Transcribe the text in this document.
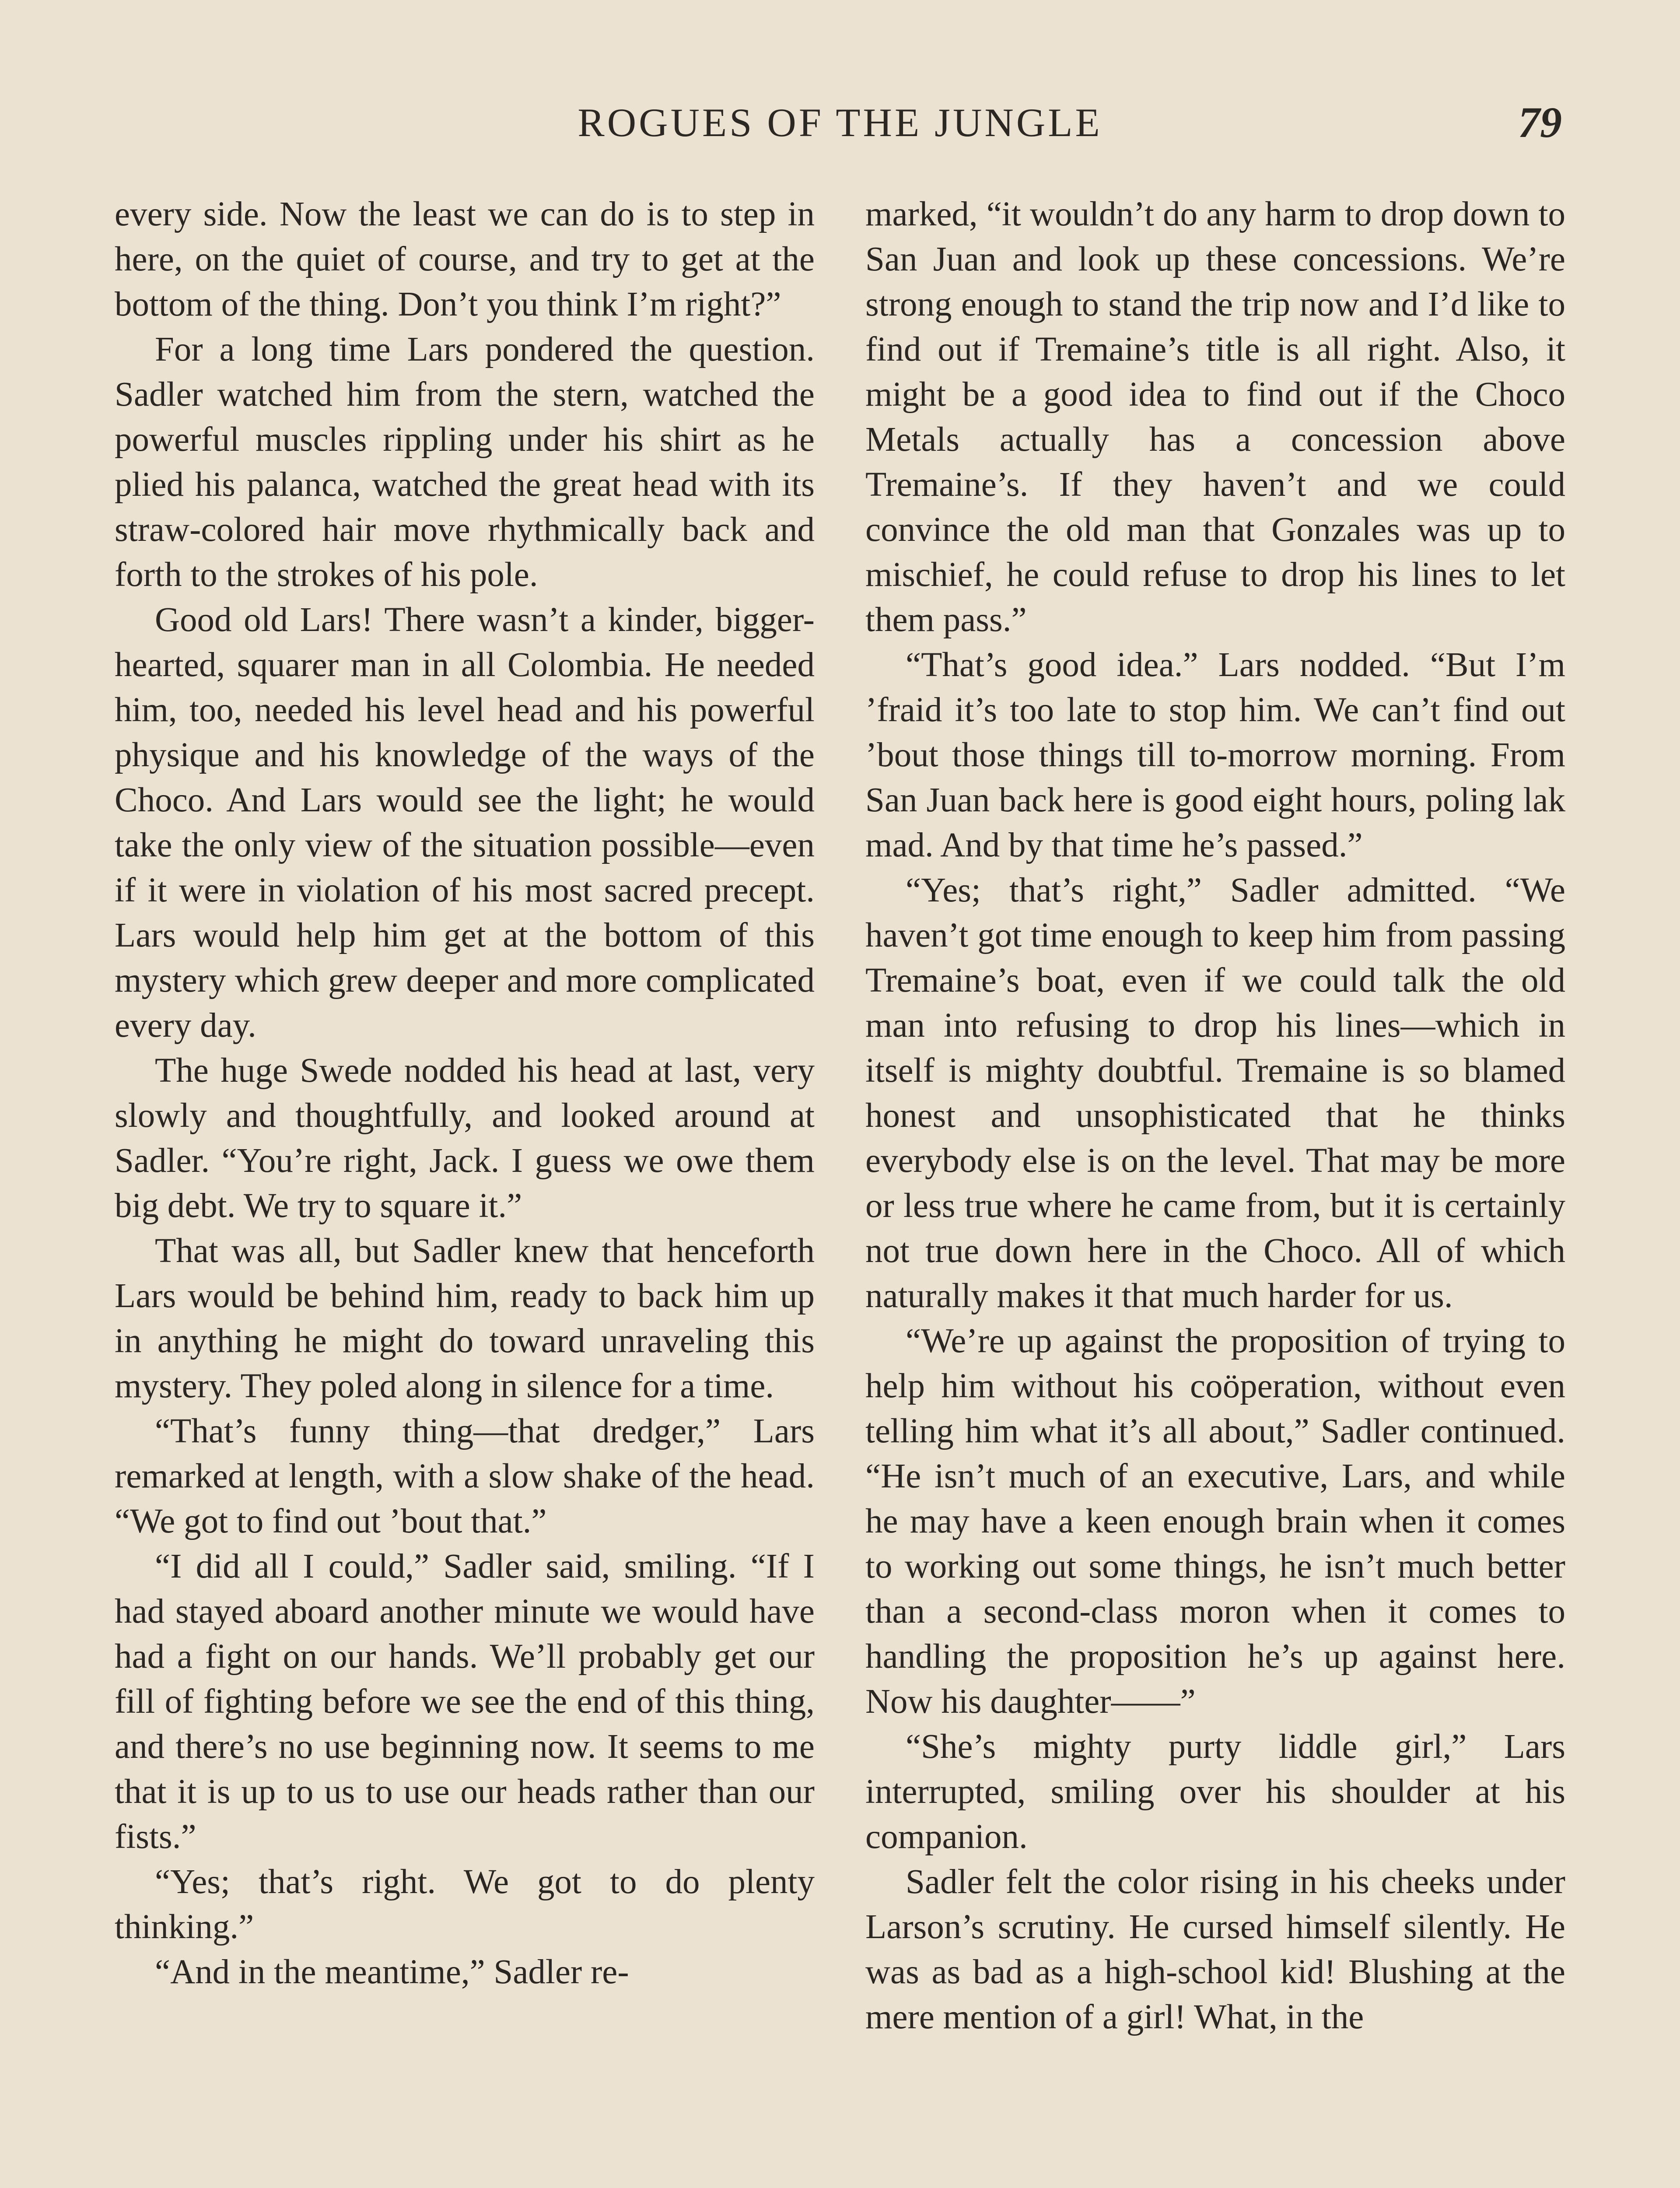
ROGUES OF THE JUNGLE	79

every side. Now the least we can do is to step in here, on the quiet of course, and try to get at the bottom of the thing. Don’t you think I’m right?”

For a long time Lars pondered the question. Sadler watched him from the stern, watched the powerful muscles rippling under his shirt as he plied his palanca, watched the great head with its straw-colored hair move rhythmically back and forth to the strokes of his pole.

Good old Lars! There wasn’t a kinder, bigger-hearted, squarer man in all Colombia. He needed him, too, needed his level head and his powerful physique and his knowledge of the ways of the Choco. And Lars would see the light; he would take the only view of the situation possible—even if it were in violation of his most sacred precept. Lars would help him get at the bottom of this mystery which grew deeper and more complicated every day.

The huge Swede nodded his head at last, very slowly and thoughtfully, and looked around at Sadler. “You’re right, Jack. I guess we owe them big debt. We try to square it.”

That was all, but Sadler knew that henceforth Lars would be behind him, ready to back him up in anything he might do toward unraveling this mystery. They poled along in silence for a time.

“That’s funny thing—that dredger,” Lars remarked at length, with a slow shake of the head. “We got to find out ’bout that.”

“I did all I could,” Sadler said, smiling. “If I had stayed aboard another minute we would have had a fight on our hands. We’ll probably get our fill of fighting before we see the end of this thing, and there’s no use beginning now. It seems to me that it is up to us to use our heads rather than our fists.”

“Yes; that’s right. We got to do plenty thinking.”

“And in the meantime,” Sadler re-

marked, “it wouldn’t do any harm to drop down to San Juan and look up these concessions. We’re strong enough to stand the trip now and I’d like to find out if Tremaine’s title is all right. Also, it might be a good idea to find out if the Choco Metals actually has a concession above Tremaine’s. If they haven’t and we could convince the old man that Gonzales was up to mischief, he could refuse to drop his lines to let them pass.”

“That’s good idea.” Lars nodded. “But I’m ’fraid it’s too late to stop him. We can’t find out ’bout those things till to-morrow morning. From San Juan back here is good eight hours, poling lak mad. And by that time he’s passed.”

“Yes; that’s right,” Sadler admitted. “We haven’t got time enough to keep him from passing Tremaine’s boat, even if we could talk the old man into refusing to drop his lines—which in itself is mighty doubtful. Tremaine is so blamed honest and unsophisticated that he thinks everybody else is on the level. That may be more or less true where he came from, but it is certainly not true down here in the Choco. All of which naturally makes it that much harder for us.

“We’re up against the proposition of trying to help him without his coöperation, without even telling him what it’s all about,” Sadler continued. “He isn’t much of an executive, Lars, and while he may have a keen enough brain when it comes to working out some things, he isn’t much better than a second-class moron when it comes to handling the proposition he’s up against here. Now his daughter——”

“She’s mighty purty liddle girl,” Lars interrupted, smiling over his shoulder at his companion.

Sadler felt the color rising in his cheeks under Larson’s scrutiny. He cursed himself silently. He was as bad as a high-school kid! Blushing at the mere mention of a girl! What, in the
